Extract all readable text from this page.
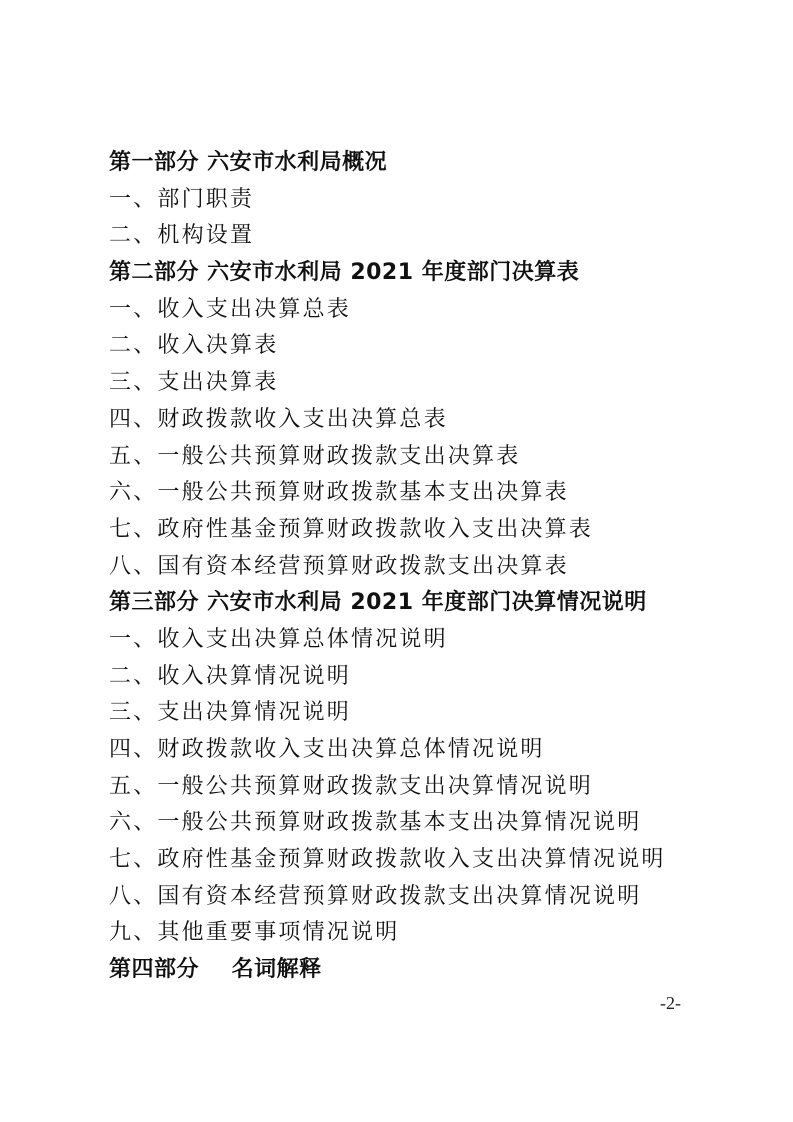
第一部分 六安市水利局概况
一、部门职责
二、机构设置
第二部分 六安市水利局 2021 年度部门决算表
一、收入支出决算总表
二、收入决算表
三、支出决算表
四、财政拨款收入支出决算总表
五、一般公共预算财政拨款支出决算表
六、一般公共预算财政拨款基本支出决算表
七、政府性基金预算财政拨款收入支出决算表
八、国有资本经营预算财政拨款支出决算表
第三部分 六安市水利局 2021 年度部门决算情况说明
一、收入支出决算总体情况说明
二、收入决算情况说明
三、支出决算情况说明
四、财政拨款收入支出决算总体情况说明
五、一般公共预算财政拨款支出决算情况说明
六、一般公共预算财政拨款基本支出决算情况说明
七、政府性基金预算财政拨款收入支出决算情况说明
八、国有资本经营预算财政拨款支出决算情况说明
九、其他重要事项情况说明
第四部分    名词解释
-2-
